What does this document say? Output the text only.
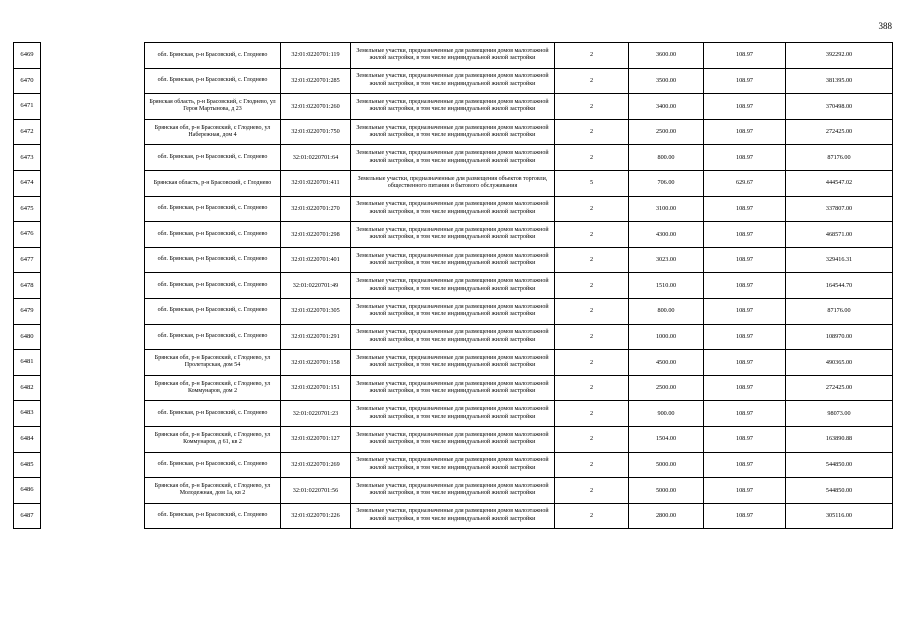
388
6469		обл. Брянская, р-н Брасовский, с. Глоднево	32:01:0220701:119	Земельные участки, предназначенные для размещения домов малоэтажной жилой застройки, в том числе индивидуальной жилой застройки	2	3600.00	108.97	392292.00
6470		обл. Брянская, р-н Брасовский, с. Глоднево	32:01:0220701:285	Земельные участки, предназначенные для размещения домов малоэтажной жилой застройки, в том числе индивидуальной жилой застройки	2	3500.00	108.97	381395.00
6471		Брянская область, р-н Брасовский, с Глоднево, ул Героя Мартынова, д 23	32:01:0220701:260	Земельные участки, предназначенные для размещения домов малоэтажной жилой застройки, в том числе индивидуальной жилой застройки	2	3400.00	108.97	370498.00
6472		Брянская обл, р-н Брасовский, с Глоднево, ул Набережная, дом 4	32:01:0220701:750	Земельные участки, предназначенные для размещения домов малоэтажной жилой застройки, в том числе индивидуальной жилой застройки	2	2500.00	108.97	272425.00
6473		обл. Брянская, р-н Брасовский, с. Глоднево	32:01:0220701:64	Земельные участки, предназначенные для размещения домов малоэтажной жилой застройки, в том числе индивидуальной жилой застройки	2	800.00	108.97	87176.00
6474		Брянская область, р-н Брасовский, с Глоднево	32:01:0220701:411	Земельные участки, предназначенные для размещения объектов торговли, общественного питания и бытового обслуживания	5	706.00	629.67	444547.02
6475		обл. Брянская, р-н Брасовский, с. Глоднево	32:01:0220701:270	Земельные участки, предназначенные для размещения домов малоэтажной жилой застройки, в том числе индивидуальной жилой застройки	2	3100.00	108.97	337807.00
6476		обл. Брянская, р-н Брасовский, с. Глоднево	32:01:0220701:298	Земельные участки, предназначенные для размещения домов малоэтажной жилой застройки, в том числе индивидуальной жилой застройки	2	4300.00	108.97	468571.00
6477		обл. Брянская, р-н Брасовский, с. Глоднево	32:01:0220701:401	Земельные участки, предназначенные для размещения домов малоэтажной жилой застройки, в том числе индивидуальной жилой застройки	2	3023.00	108.97	329416.31
6478		обл. Брянская, р-н Брасовский, с. Глоднево	32:01:0220701:49	Земельные участки, предназначенные для размещения домов малоэтажной жилой застройки, в том числе индивидуальной жилой застройки	2	1510.00	108.97	164544.70
6479		обл. Брянская, р-н Брасовский, с. Глоднево	32:01:0220701:305	Земельные участки, предназначенные для размещения домов малоэтажной жилой застройки, в том числе индивидуальной жилой застройки	2	800.00	108.97	87176.00
6480		обл. Брянская, р-н Брасовский, с. Глоднево	32:01:0220701:291	Земельные участки, предназначенные для размещения домов малоэтажной жилой застройки, в том числе индивидуальной жилой застройки	2	1000.00	108.97	108970.00
6481		Брянская обл, р-н Брасовский, с Глоднево, ул Пролетарская, дом 54	32:01:0220701:158	Земельные участки, предназначенные для размещения домов малоэтажной жилой застройки, в том числе индивидуальной жилой застройки	2	4500.00	108.97	490365.00
6482		Брянская обл, р-н Брасовский, с Глоднево, ул Коммунаров, дом 2	32:01:0220701:151	Земельные участки, предназначенные для размещения домов малоэтажной жилой застройки, в том числе индивидуальной жилой застройки	2	2500.00	108.97	272425.00
6483		обл. Брянская, р-н Брасовский, с. Глоднево	32:01:0220701:23	Земельные участки, предназначенные для размещения домов малоэтажной жилой застройки, в том числе индивидуальной жилой застройки	2	900.00	108.97	98073.00
6484		Брянская обл, р-н Брасовский, с Глоднево, ул Коммунаров, д 61, кв 2	32:01:0220701:127	Земельные участки, предназначенные для размещения домов малоэтажной жилой застройки, в том числе индивидуальной жилой застройки	2	1504.00	108.97	163890.88
6485		обл. Брянская, р-н Брасовский, с. Глоднево	32:01:0220701:269	Земельные участки, предназначенные для размещения домов малоэтажной жилой застройки, в том числе индивидуальной жилой застройки	2	5000.00	108.97	544850.00
6486		Брянская обл, р-н Брасовский, с Глоднево, ул Молодежная, дом 1а, кв 2	32:01:0220701:56	Земельные участки, предназначенные для размещения домов малоэтажной жилой застройки, в том числе индивидуальной жилой застройки	2	5000.00	108.97	544850.00
6487		обл. Брянская, р-н Брасовский, с. Глоднево	32:01:0220701:226	Земельные участки, предназначенные для размещения домов малоэтажной жилой застройки, в том числе индивидуальной жилой застройки	2	2800.00	108.97	305116.00
